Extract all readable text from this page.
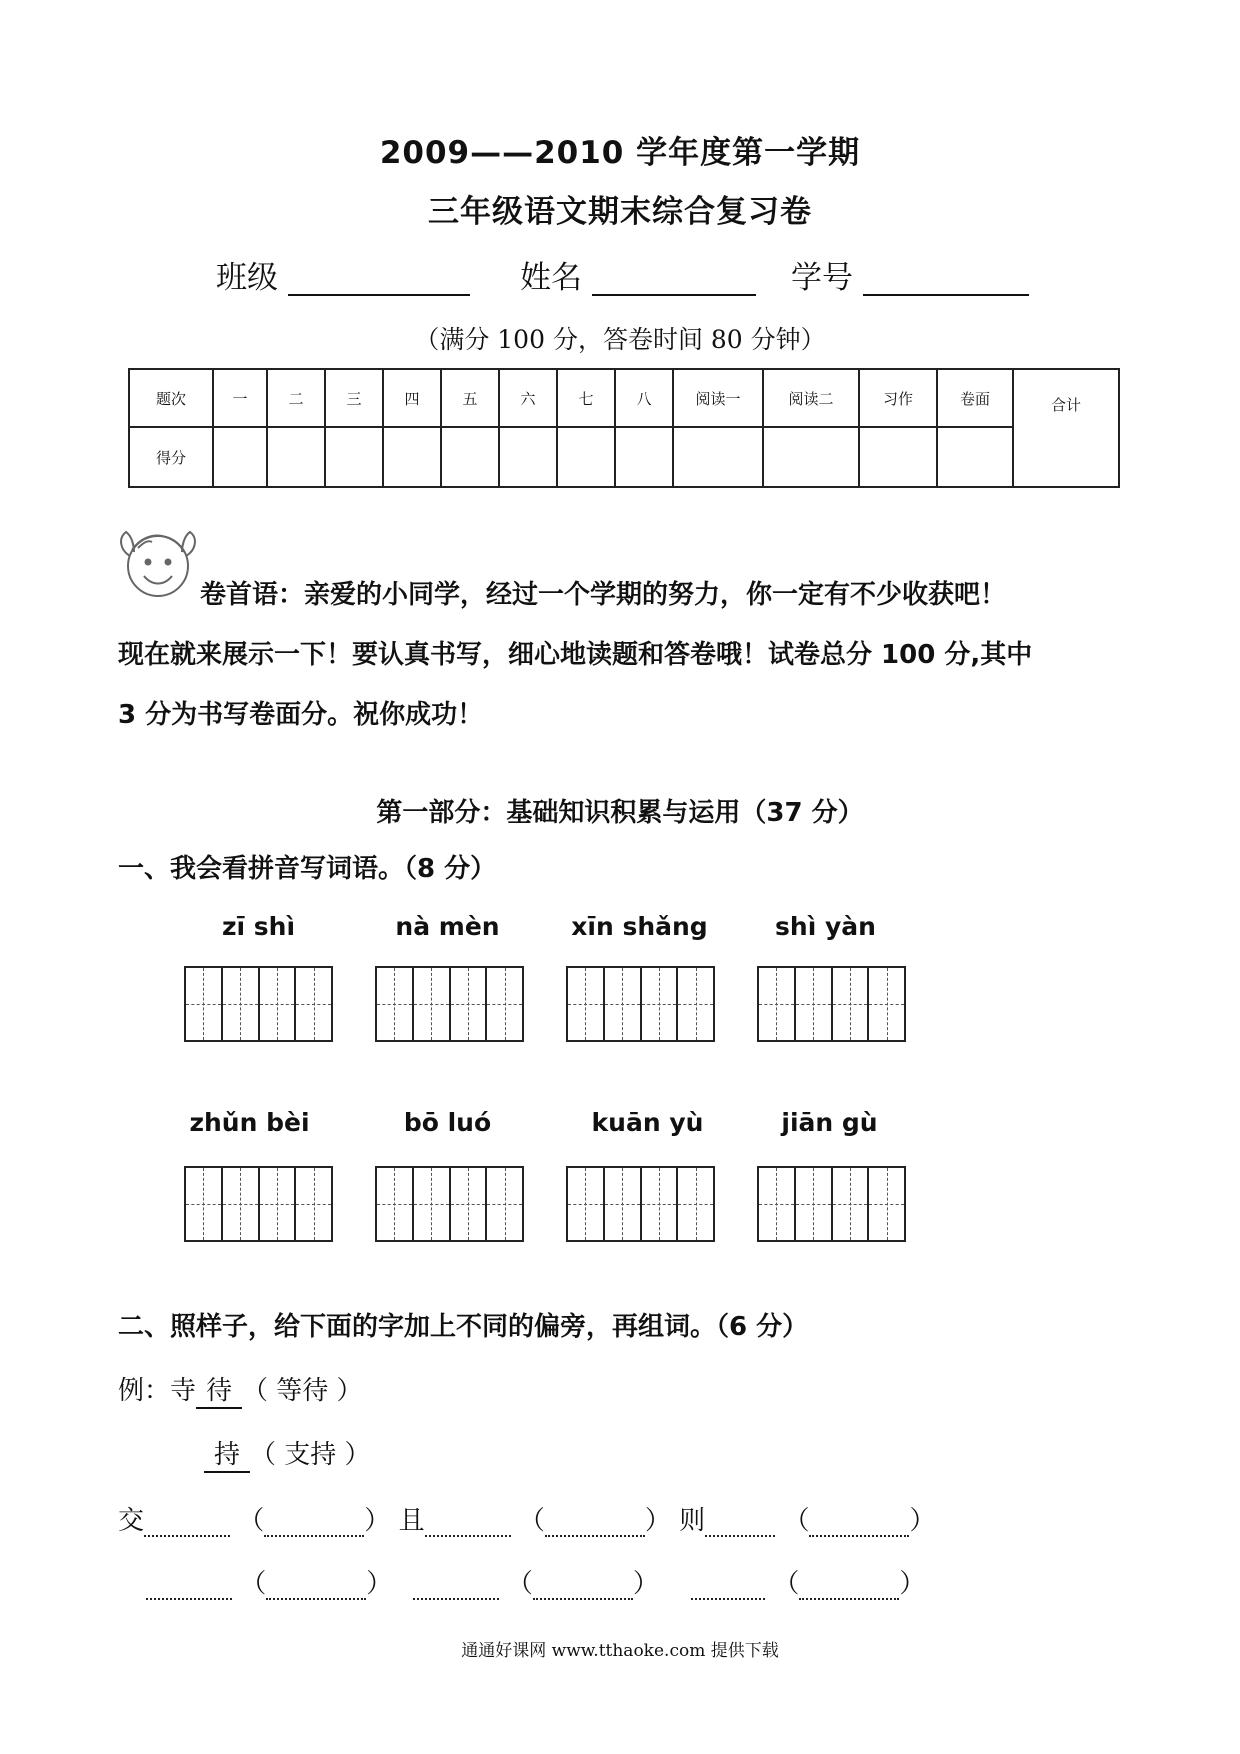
2009——2010 学年度第一学期
三年级语文期末综合复习卷
班级	姓名	学号
（满分 100 分，答卷时间 80 分钟）
题次	一	二	三	四	五	六	七	八	阅读一	阅读二	习作	卷面	合计
得分													
卷首语：亲爱的小同学，经过一个学期的努力，你一定有不少收获吧！
现在就来展示一下！要认真书写，细心地读题和答卷哦！试卷总分 100 分,其中
3 分为书写卷面分。祝你成功！
第一部分：基础知识积累与运用（37 分）
一、我会看拼音写词语。（8 分）
zī shì	nà mèn	xīn shǎng	shì yàn
zhǔn bèi	bō luó	kuān yù	jiān gù
二、照样子，给下面的字加上不同的偏旁，再组词。（6 分）
例：寺 待 （ 等待 ）
持 （ 支持 ）
交	（	） 且	（	） 则	（	）
（	）	（	）	（	）
通通好课网 www.tthaoke.com 提供下载
